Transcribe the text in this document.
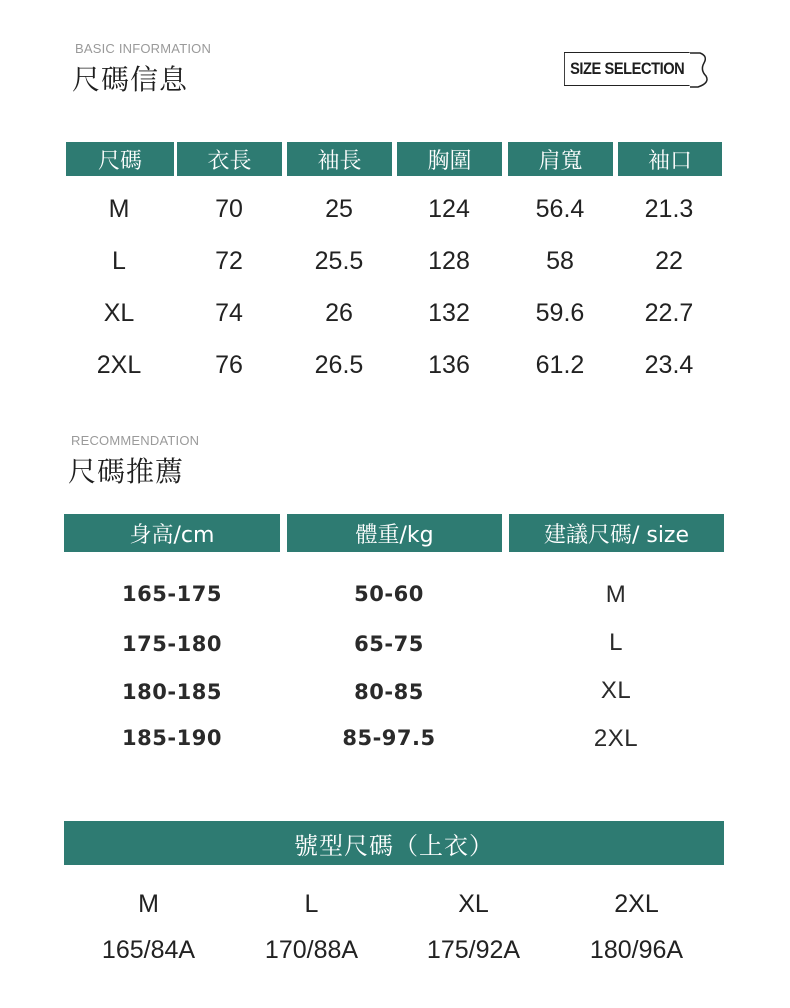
BASIC INFORMATION
尺碼信息	SIZE SELECTION
尺碼	衣長	袖長	胸圍	肩寬	袖口
M	70	25	124	56.4	21.3
L	72	25.5	128	58	22
XL	74	26	132	59.6	22.7
2XL	76	26.5	136	61.2	23.4
RECOMMENDATION
尺碼推薦
身高/cm	體重/kg	建議尺碼/ size
165-175	50-60	M
175-180	65-75	L
180-185	80-85	XL
185-190	85-97.5	2XL
號型尺碼（上衣）
M	L	XL	2XL
165/84A	170/88A	175/92A	180/96A
